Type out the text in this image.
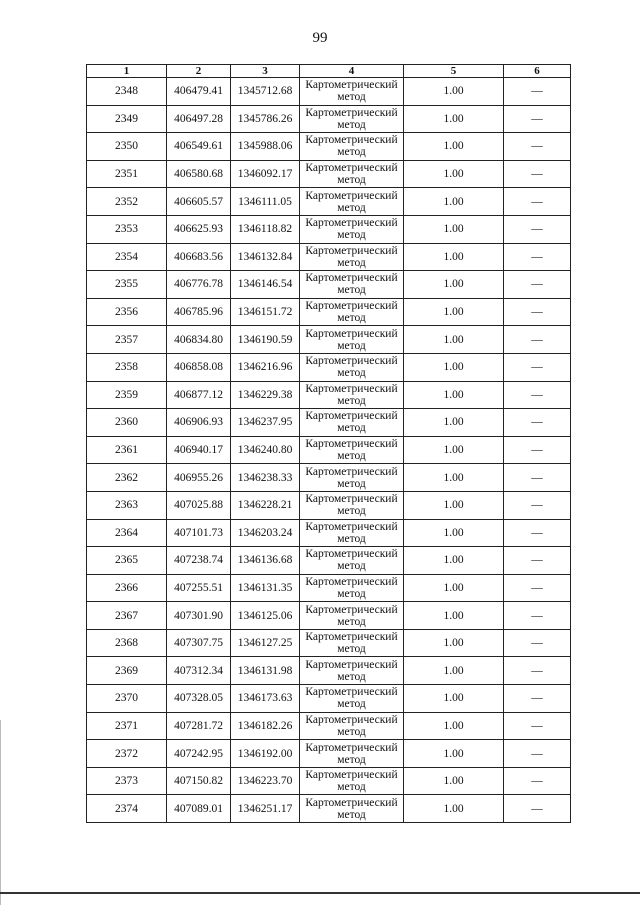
99
1	2	3	4	5	6
2348	406479.41	1345712.68	Картометрический метод	1.00	—
2349	406497.28	1345786.26	Картометрический метод	1.00	—
2350	406549.61	1345988.06	Картометрический метод	1.00	—
2351	406580.68	1346092.17	Картометрический метод	1.00	—
2352	406605.57	1346111.05	Картометрический метод	1.00	—
2353	406625.93	1346118.82	Картометрический метод	1.00	—
2354	406683.56	1346132.84	Картометрический метод	1.00	—
2355	406776.78	1346146.54	Картометрический метод	1.00	—
2356	406785.96	1346151.72	Картометрический метод	1.00	—
2357	406834.80	1346190.59	Картометрический метод	1.00	—
2358	406858.08	1346216.96	Картометрический метод	1.00	—
2359	406877.12	1346229.38	Картометрический метод	1.00	—
2360	406906.93	1346237.95	Картометрический метод	1.00	—
2361	406940.17	1346240.80	Картометрический метод	1.00	—
2362	406955.26	1346238.33	Картометрический метод	1.00	—
2363	407025.88	1346228.21	Картометрический метод	1.00	—
2364	407101.73	1346203.24	Картометрический метод	1.00	—
2365	407238.74	1346136.68	Картометрический метод	1.00	—
2366	407255.51	1346131.35	Картометрический метод	1.00	—
2367	407301.90	1346125.06	Картометрический метод	1.00	—
2368	407307.75	1346127.25	Картометрический метод	1.00	—
2369	407312.34	1346131.98	Картометрический метод	1.00	—
2370	407328.05	1346173.63	Картометрический метод	1.00	—
2371	407281.72	1346182.26	Картометрический метод	1.00	—
2372	407242.95	1346192.00	Картометрический метод	1.00	—
2373	407150.82	1346223.70	Картометрический метод	1.00	—
2374	407089.01	1346251.17	Картометрический метод	1.00	—
